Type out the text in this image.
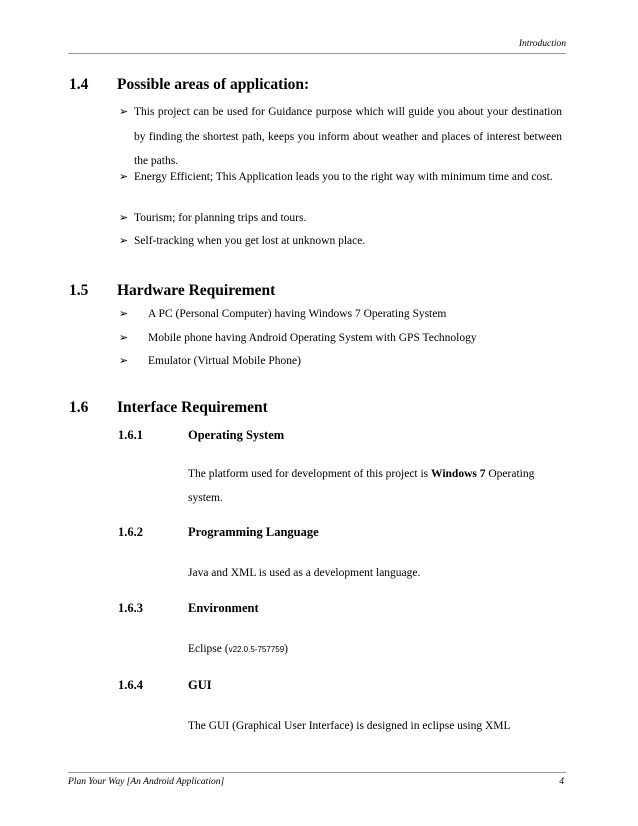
Introduction
1.4 Possible areas of application:
➢ This project can be used for Guidance purpose which will guide you about your destination by finding the shortest path, keeps you inform about weather and places of interest between the paths.
➢ Energy Efficient; This Application leads you to the right way with minimum time and cost.
➢ Tourism; for planning trips and tours.
➢ Self-tracking when you get lost at unknown place.
1.5 Hardware Requirement
➢	A PC (Personal Computer) having Windows 7 Operating System
➢	Mobile phone having Android Operating System with GPS Technology
➢	Emulator (Virtual Mobile Phone)
1.6 Interface Requirement
1.6.1	Operating System
The platform used for development of this project is Windows 7 Operating system.
1.6.2	Programming Language
Java and XML is used as a development language.
1.6.3	Environment
Eclipse (v22.0.5-757759)
1.6.4	GUI
The GUI (Graphical User Interface) is designed in eclipse using XML
Plan Your Way [An Android Application]	4
